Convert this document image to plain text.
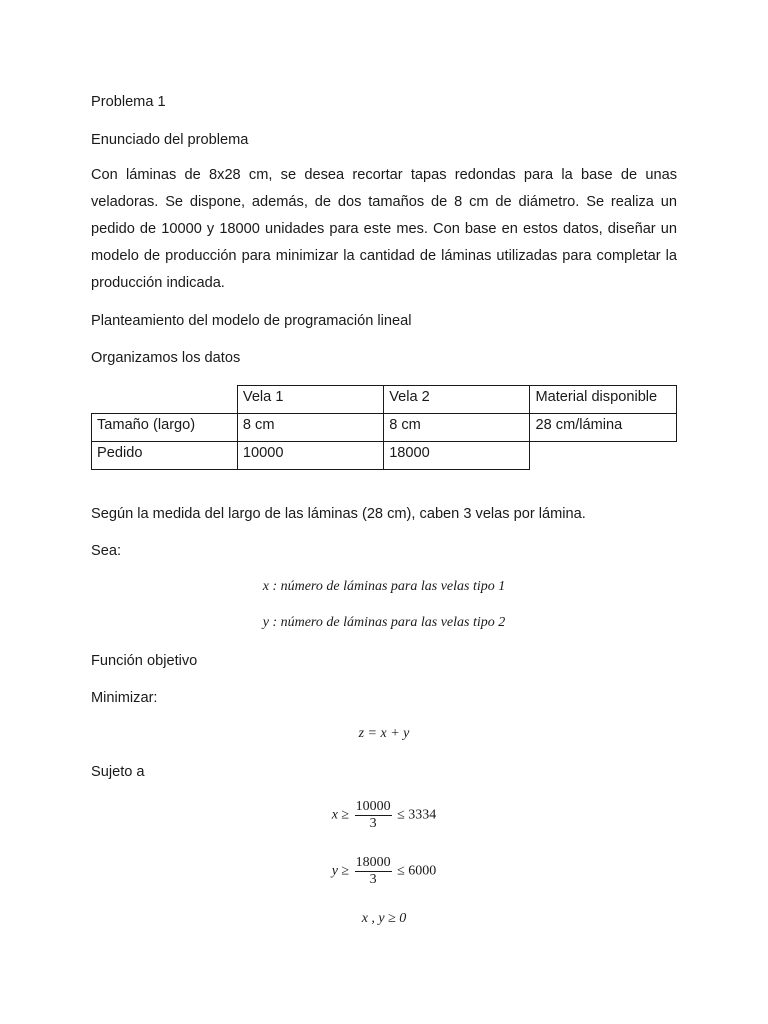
Problema 1

Enunciado del problema

Con láminas de 8x28 cm, se desea recortar tapas redondas para la base de unas veladoras. Se dispone, además, de dos tamaños de 8 cm de diámetro. Se realiza un pedido de 10000 y 18000 unidades para este mes. Con base en estos datos, diseñar un modelo de producción para minimizar la cantidad de láminas utilizadas para completar la producción indicada.

Planteamiento del modelo de programación lineal

Organizamos los datos

	Vela 1	Vela 2	Material disponible
Tamaño (largo)	8 cm	8 cm	28 cm/lámina
Pedido	10000	18000	

Según la medida del largo de las láminas (28 cm), caben 3 velas por lámina.

Sea:

x : número de láminas para las velas tipo 1
y : número de láminas para las velas tipo 2

Función objetivo

Minimizar:

z = x + y

Sujeto a

$x \ge \frac{10000}{3} \le 3334$
$y \ge \frac{18000}{3} \le 6000$
x , y ≥ 0
